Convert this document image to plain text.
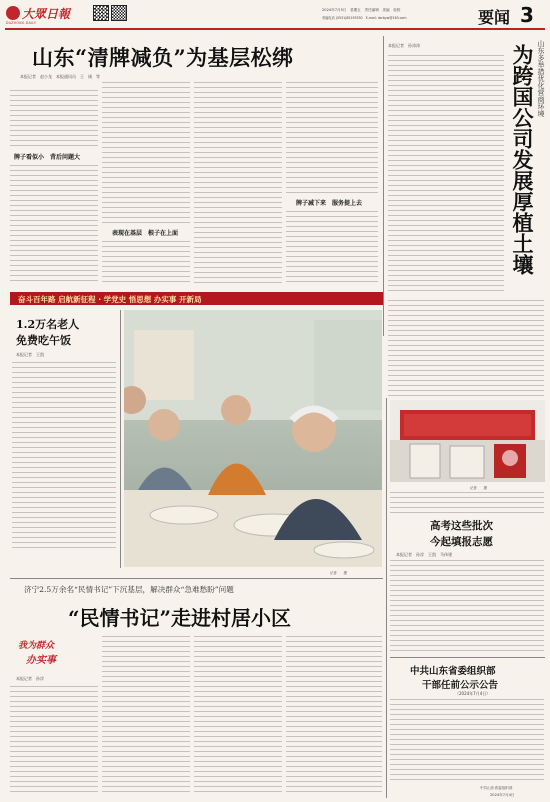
大眾日報
DAZHONG DAILY
2024年7月5日　星期五　责任编辑　美编　检校
采编电话 (0531)85193330　E-mail: dzrbyw@163.com	要闻 3
山东“清牌减负”为基层松绑
本报记者　赵小龙　本报通讯员　王　刚　等
牌子看似小　背后问题大
表现在基层　根子在上面
牌子减下来　服务提上去
山东多举措优化营商环境
为跨国公司发展厚植土壤
本报记者　孙涛涛
奋斗百年路 启航新征程 · 学党史 悟思想 办实事 开新局
1.2万名老人
免费吃午饭
本报记者　王凯
记者　　摄
记者　　摄
高考这些批次
今起填报志愿
本报记者　孙淳　王凯　马伟建
中共山东省委组织部
干部任前公示公告
（2024年7月4日）
中共山东省委组织部
2024年7月4日
济宁2.5万余名“民情书记”下沉基层，解决群众“急难愁盼”问题
“民情书记”走进村居小区
我为群众
办实事
本报记者　孙淳
